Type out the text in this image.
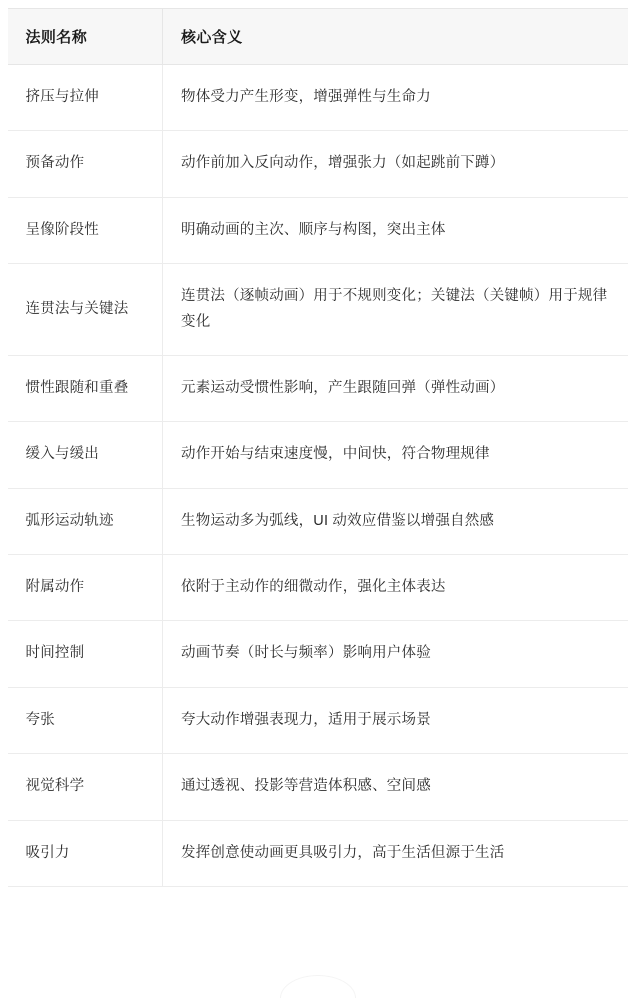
法则名称	核心含义
挤压与拉伸	物体受力产生形变，增强弹性与生命力
预备动作	动作前加入反向动作，增强张力（如起跳前下蹲）
呈像阶段性	明确动画的主次、顺序与构图，突出主体
连贯法与关键法	连贯法（逐帧动画）用于不规则变化；关键法（关键帧）用于规律变化
惯性跟随和重叠	元素运动受惯性影响，产生跟随回弹（弹性动画）
缓入与缓出	动作开始与结束速度慢，中间快，符合物理规律
弧形运动轨迹	生物运动多为弧线，UI 动效应借鉴以增强自然感
附属动作	依附于主动作的细微动作，强化主体表达
时间控制	动画节奏（时长与频率）影响用户体验
夸张	夸大动作增强表现力，适用于展示场景
视觉科学	通过透视、投影等营造体积感、空间感
吸引力	发挥创意使动画更具吸引力，高于生活但源于生活
